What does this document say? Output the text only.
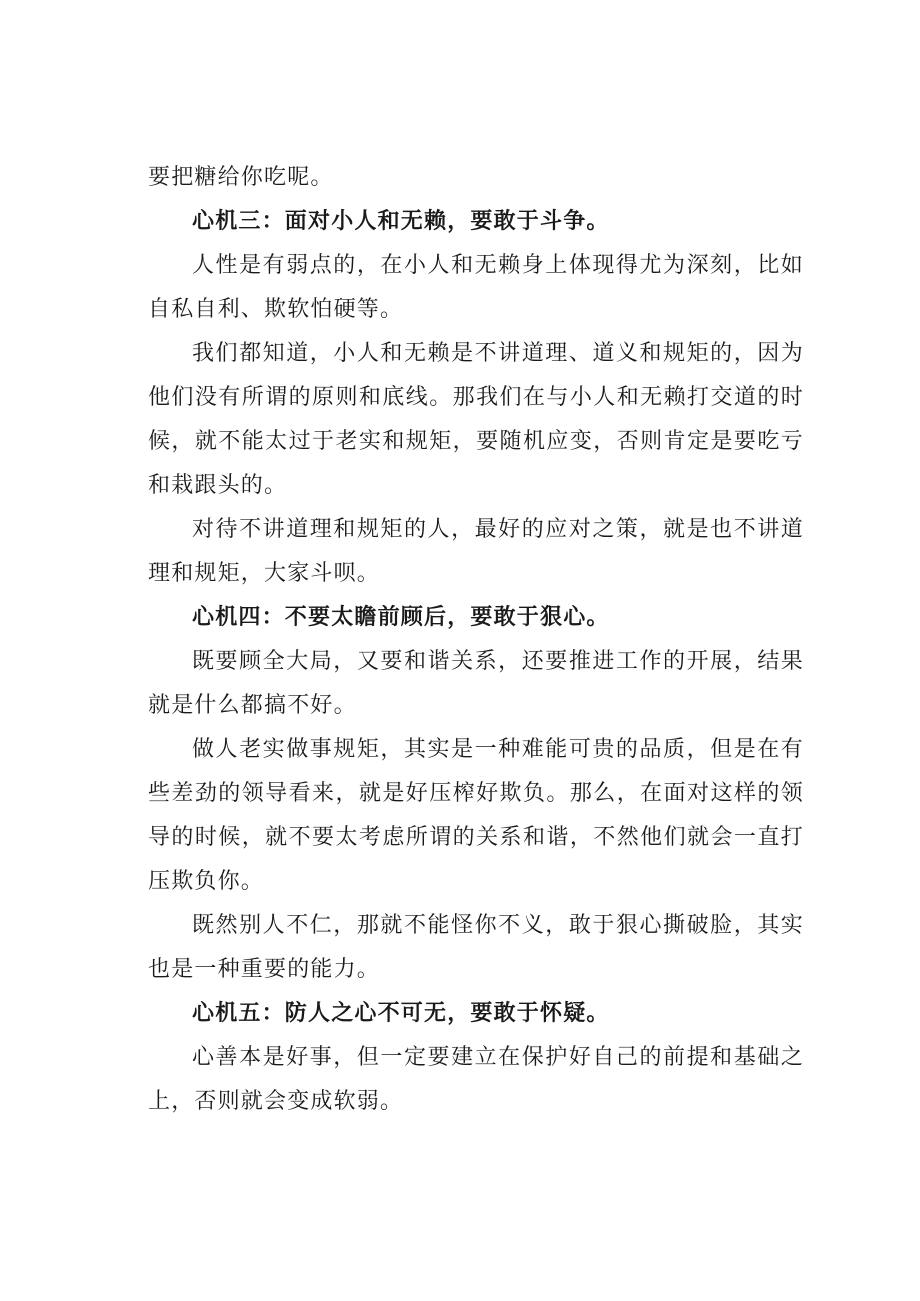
要把糖给你吃呢。

心机三：面对小人和无赖，要敢于斗争。

人性是有弱点的，在小人和无赖身上体现得尤为深刻，比如自私自利、欺软怕硬等。

我们都知道，小人和无赖是不讲道理、道义和规矩的，因为他们没有所谓的原则和底线。那我们在与小人和无赖打交道的时候，就不能太过于老实和规矩，要随机应变，否则肯定是要吃亏和栽跟头的。

对待不讲道理和规矩的人，最好的应对之策，就是也不讲道理和规矩，大家斗呗。

心机四：不要太瞻前顾后，要敢于狠心。

既要顾全大局，又要和谐关系，还要推进工作的开展，结果就是什么都搞不好。

做人老实做事规矩，其实是一种难能可贵的品质，但是在有些差劲的领导看来，就是好压榨好欺负。那么，在面对这样的领导的时候，就不要太考虑所谓的关系和谐，不然他们就会一直打压欺负你。

既然别人不仁，那就不能怪你不义，敢于狠心撕破脸，其实也是一种重要的能力。

心机五：防人之心不可无，要敢于怀疑。

心善本是好事，但一定要建立在保护好自己的前提和基础之上，否则就会变成软弱。
